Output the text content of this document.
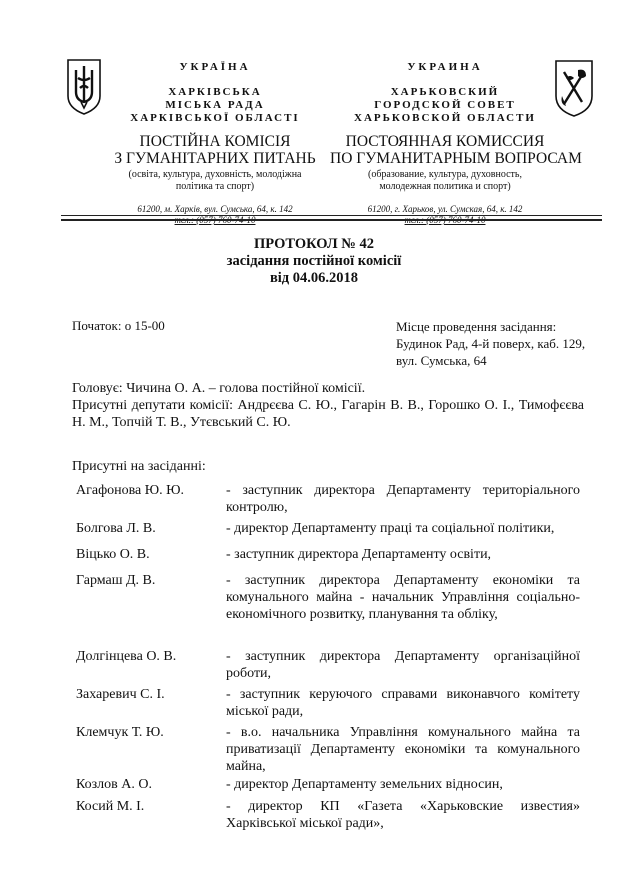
УКРАЇНА
ХАРКІВСЬКА
МІСЬКА РАДА
ХАРКІВСЬКОЇ ОБЛАСТІ
ПОСТІЙНА КОМІСІЯ
З ГУМАНІТАРНИХ ПИТАНЬ
(освіта, культура, духовність, молодіжна
політика та спорт)
61200, м. Харків, вул. Сумська, 64, к. 142
тел.: (057) 760-74-10
УКРАИНА
ХАРЬКОВСКИЙ
ГОРОДСКОЙ СОВЕТ
ХАРЬКОВСКОЙ ОБЛАСТИ
ПОСТОЯННАЯ КОМИССИЯ
ПО ГУМАНИТАРНЫМ ВОПРОСАМ
(образование, культура, духовность,
молодежная политика и спорт)
61200, г. Харьков, ул. Сумская, 64, к. 142
тел.: (057) 760-74-10
ПРОТОКОЛ № 42
засідання постійної комісії
від 04.06.2018
Початок: о 15-00	Місце проведення засідання:
Будинок Рад, 4-й поверх, каб. 129,
вул. Сумська, 64
Головує: Чичина О. А. – голова постійної комісії.
Присутні депутати комісії: Андрєєва С. Ю., Гагарін В. В., Горошко О. І., Тимофєєва Н. М., Топчій Т. В., Утєвський С. Ю.
Присутні на засіданні:
Агафонова Ю. Ю.	- заступник директора Департаменту територіального контролю,
Болгова Л. В.	- директор Департаменту праці та соціальної політики,
Віцько О. В.	- заступник директора Департаменту освіти,
Гармаш Д. В.	- заступник директора Департаменту економіки та комунального майна - начальник Управління соціально-економічного розвитку, планування та обліку,
Долгінцева О. В.	- заступник директора Департаменту організаційної роботи,
Захаревич С. І.	- заступник керуючого справами виконавчого комітету міської ради,
Клемчук Т. Ю.	- в.о. начальника Управління комунального майна та приватизації Департаменту економіки та комунального майна,
Козлов А. О.	- директор Департаменту земельних відносин,
Косий М. І.	- директор КП «Газета «Харьковские известия» Харківської міської ради»,
